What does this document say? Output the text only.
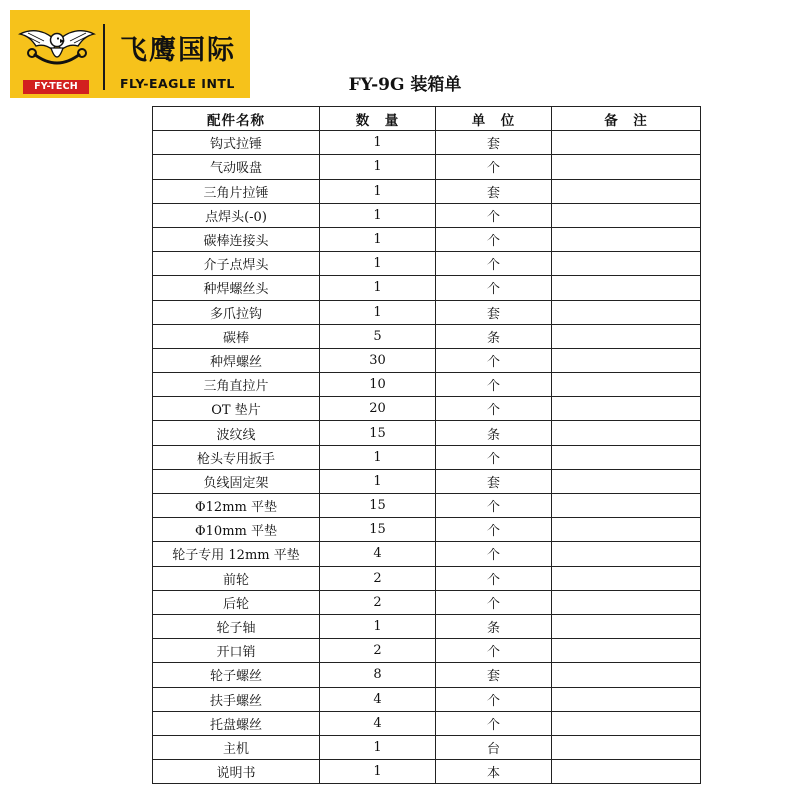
FY-TECH
飞鹰国际
FLY-EAGLE INTL	FY-9G 装箱单
配件名称	数　量	单　位	备　注
钩式拉锤	1	套	
气动吸盘	1	个	
三角片拉锤	1	套	
点焊头(-0)	1	个	
碳棒连接头	1	个	
介子点焊头	1	个	
种焊螺丝头	1	个	
多爪拉钩	1	套	
碳棒	5	条	
种焊螺丝	30	个	
三角直拉片	10	个	
OT 垫片	20	个	
波纹线	15	条	
枪头专用扳手	1	个	
负线固定架	1	套	
Φ12mm 平垫	15	个	
Φ10mm 平垫	15	个	
轮子专用 12mm 平垫	4	个	
前轮	2	个	
后轮	2	个	
轮子轴	1	条	
开口销	2	个	
轮子螺丝	8	套	
扶手螺丝	4	个	
托盘螺丝	4	个	
主机	1	台	
说明书	1	本	
